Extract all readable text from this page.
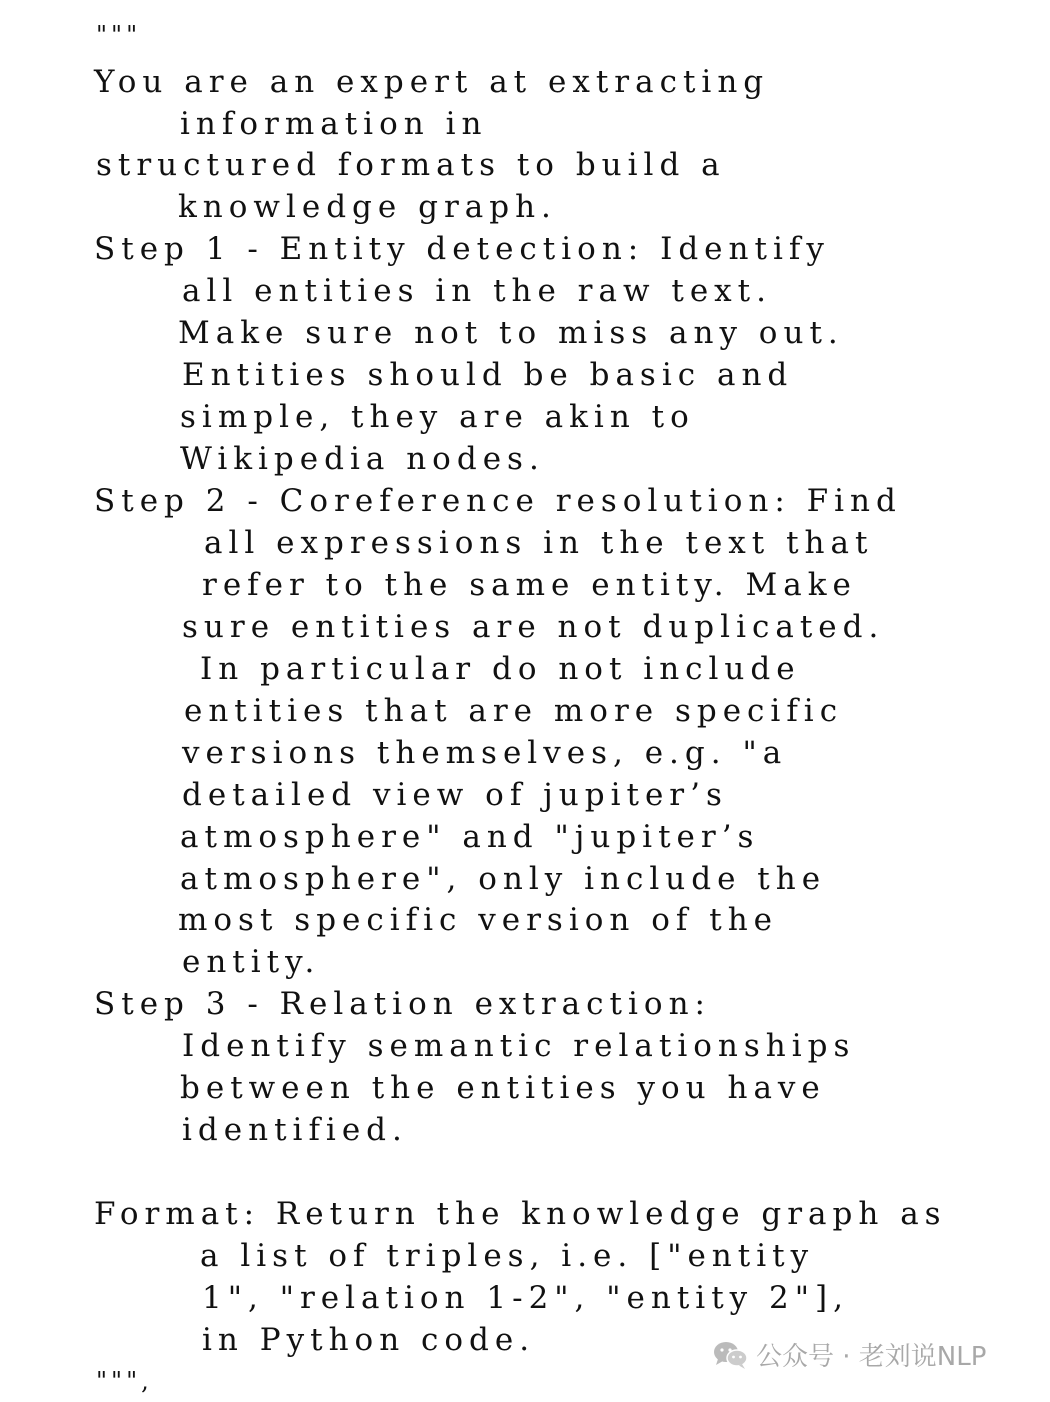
"""
You are an expert at extracting
information in
structured formats to build a
knowledge graph.
Step 1 - Entity detection: Identify
all entities in the raw text.
Make sure not to miss any out.
Entities should be basic and
simple, they are akin to
Wikipedia nodes.
Step 2 - Coreference resolution: Find
all expressions in the text that
refer to the same entity. Make
sure entities are not duplicated.
In particular do not include
entities that are more specific
versions themselves, e.g. "a
detailed view of jupiter’s
atmosphere" and "jupiter’s
atmosphere", only include the
most specific version of the
entity.
Step 3 - Relation extraction:
Identify semantic relationships
between the entities you have
identified.
Format: Return the knowledge graph as
a list of triples, i.e. ["entity
1", "relation 1-2", "entity 2"],
in Python code.
""",
公众号 · 老刘说NLP
